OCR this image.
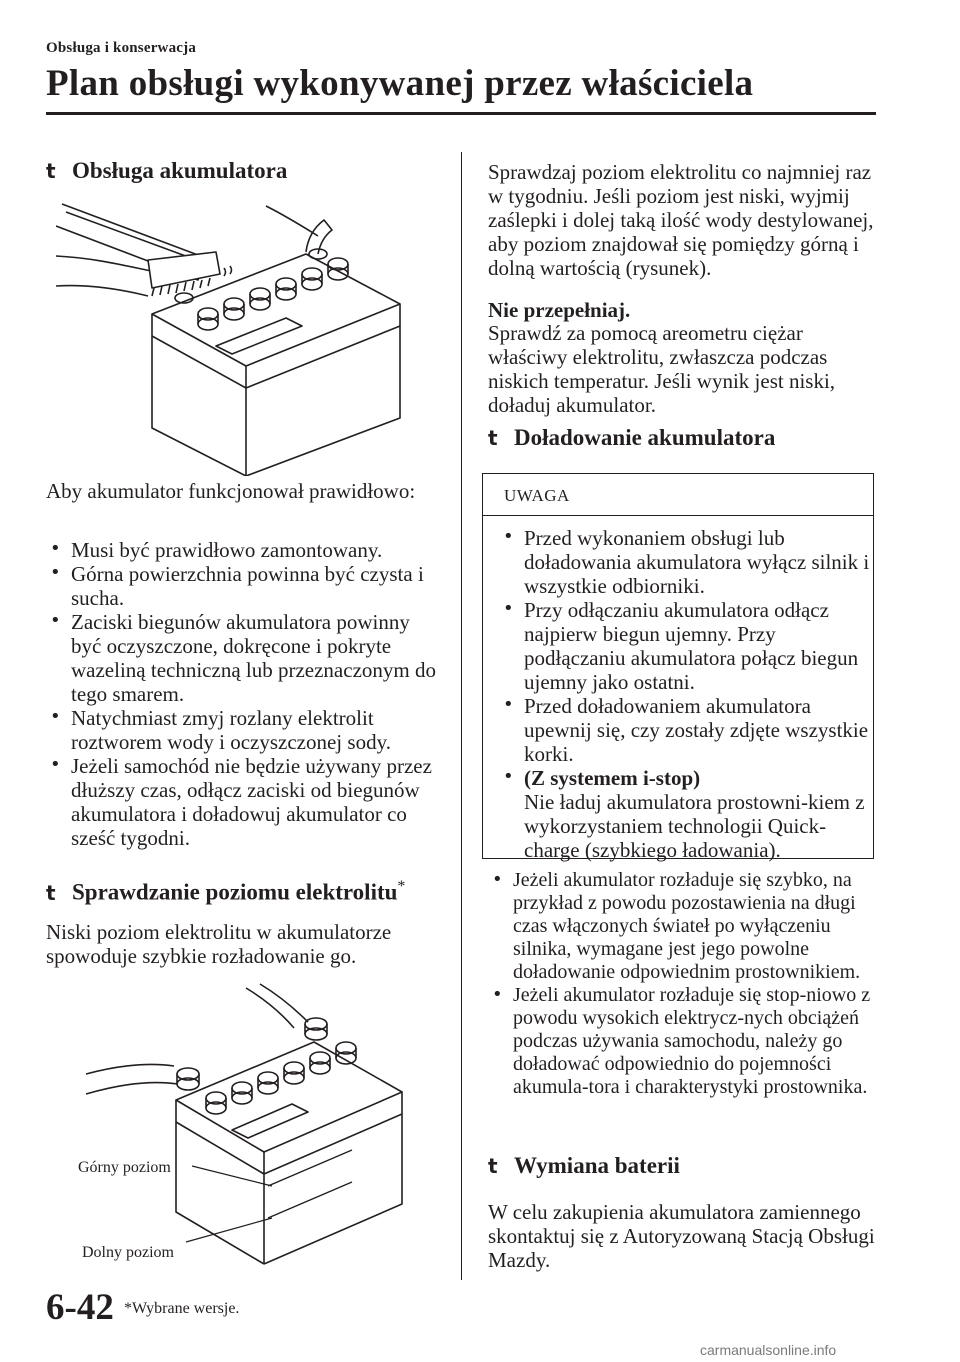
Obsługa i konserwacja
Plan obsługi wykonywanej przez właściciela
t Obsługa akumulatora
Aby akumulator funkcjonował prawidłowo:
• Musi być prawidłowo zamontowany.
• Górna powierzchnia powinna być czysta i sucha.
• Zaciski biegunów akumulatora powinny być oczyszczone, dokręcone i pokryte wazeliną techniczną lub przeznaczonym do tego smarem.
• Natychmiast zmyj rozlany elektrolit roztworem wody i oczyszczonej sody.
• Jeżeli samochód nie będzie używany przez dłuższy czas, odłącz zaciski od biegunów akumulatora i doładowuj akumulator co sześć tygodni.
t Sprawdzanie poziomu elektrolitu*
Niski poziom elektrolitu w akumulatorze spowoduje szybkie rozładowanie go.
Górny poziom
Dolny poziom
Sprawdzaj poziom elektrolitu co najmniej raz w tygodniu. Jeśli poziom jest niski, wyjmij zaślepki i dolej taką ilość wody destylowanej, aby poziom znajdował się pomiędzy górną i dolną wartością (rysunek).
Nie przepełniaj.
Sprawdź za pomocą areometru ciężar właściwy elektrolitu, zwłaszcza podczas niskich temperatur. Jeśli wynik jest niski, doładuj akumulator.
t Doładowanie akumulatora
UWAGA
• Przed wykonaniem obsługi lub doładowania akumulatora wyłącz silnik i wszystkie odbiorniki.
• Przy odłączaniu akumulatora odłącz najpierw biegun ujemny. Przy podłączaniu akumulatora połącz biegun ujemny jako ostatni.
• Przed doładowaniem akumulatora upewnij się, czy zostały zdjęte wszystkie korki.
• (Z systemem i-stop)
Nie ładuj akumulatora prostowni-kiem z wykorzystaniem technologii Quick-charge (szybkiego ładowania).
• Jeżeli akumulator rozładuje się szybko, na przykład z powodu pozostawienia na długi czas włączonych świateł po wyłączeniu silnika, wymagane jest jego powolne doładowanie odpowiednim prostownikiem.
• Jeżeli akumulator rozładuje się stop-niowo z powodu wysokich elektrycz-nych obciążeń podczas używania samochodu, należy go doładować odpowiednio do pojemności akumula-tora i charakterystyki prostownika.
t Wymiana baterii
W celu zakupienia akumulatora zamiennego skontaktuj się z Autoryzowaną Stacją Obsługi Mazdy.
6-42 *Wybrane wersje.
carmanualsonline.info
